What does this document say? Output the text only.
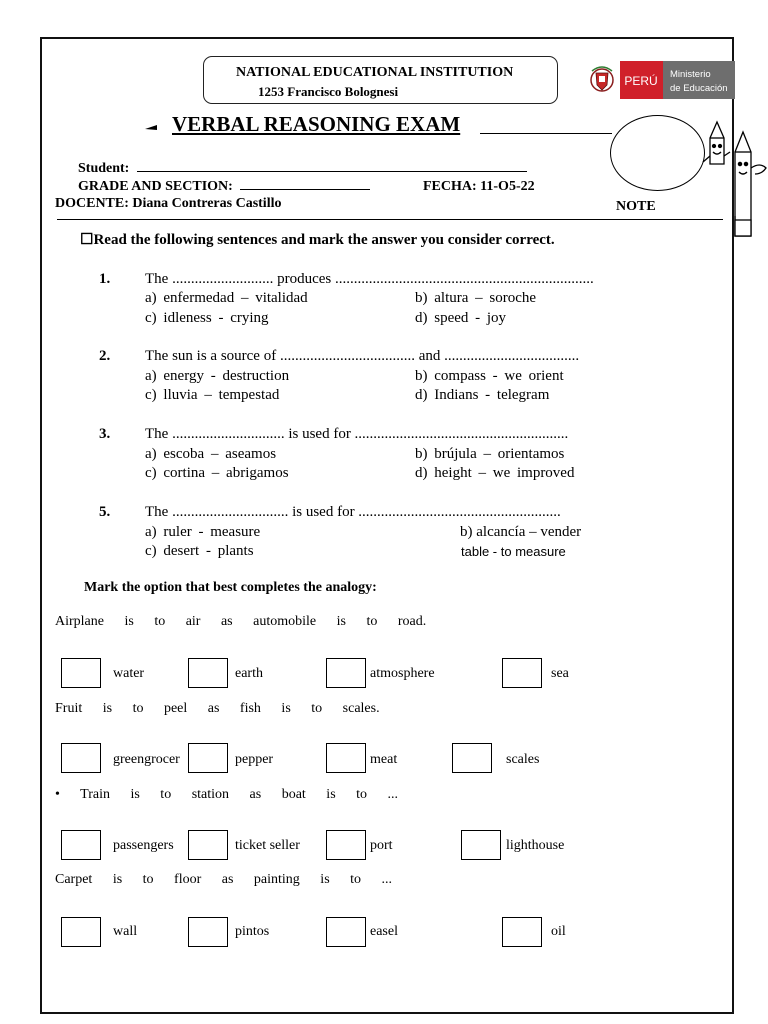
NATIONAL EDUCATIONAL INSTITUTION
1253 Francisco Bolognesi
PERÚ Ministerio
de Educación
VERBAL REASONING EXAM
NOTE
Student:
GRADE AND SECTION:	FECHA: 11-O5-22
DOCENTE: Diana Contreras Castillo
☐Read the following sentences and mark the answer you consider correct.
1. The ........................... produces .....................................................................
a) enfermedad – vitalidad	b) altura – soroche
c) idleness - crying	d) speed - joy
2. The sun is a source of .................................... and ....................................
a) energy - destruction	b) compass - we orient
c) lluvia – tempestad	d) Indians - telegram
3. The .............................. is used for .........................................................
a) escoba – aseamos	b) brújula – orientamos
c) cortina – abrigamos	d) height – we improved
5. The ............................... is used for ......................................................
a) ruler - measure	b) alcancía – vender
c) desert - plants	table - to measure
Mark the option that best completes the analogy:
Airplane is to air as automobile is to road.
water	earth	atmosphere	sea
Fruit is to peel as fish is to scales.
greengrocer	pepper	meat	scales
• Train is to station as boat is to ...
passengers	ticket seller	port	lighthouse
Carpet is to floor as painting is to ...
wall	pintos	easel	oil
